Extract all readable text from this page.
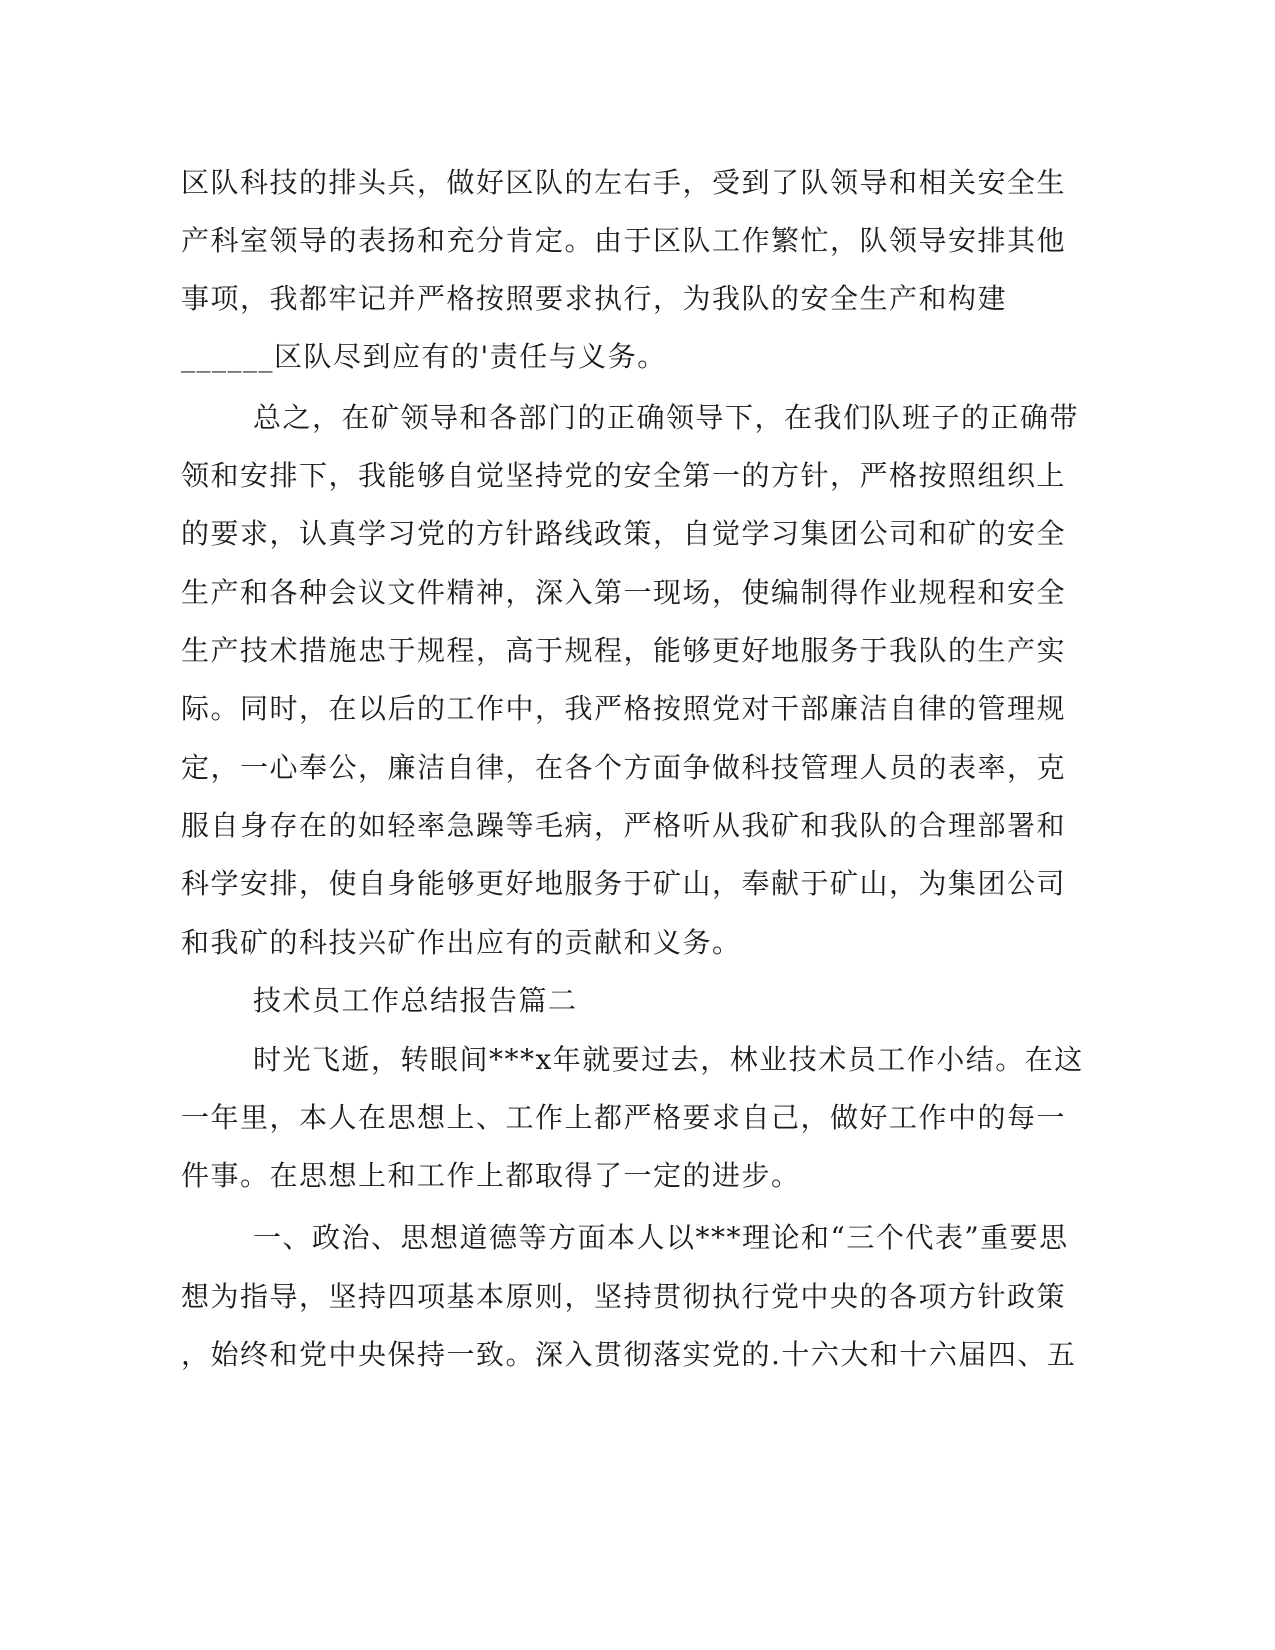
区队科技的排头兵，做好区队的左右手，受到了队领导和相关安全生
产科室领导的表扬和充分肯定。由于区队工作繁忙，队领导安排其他
事项，我都牢记并严格按照要求执行，为我队的安全生产和构建
______区队尽到应有的'责任与义务。
总之，在矿领导和各部门的正确领导下，在我们队班子的正确带
领和安排下，我能够自觉坚持党的安全第一的方针，严格按照组织上
的要求，认真学习党的方针路线政策，自觉学习集团公司和矿的安全
生产和各种会议文件精神，深入第一现场，使编制得作业规程和安全
生产技术措施忠于规程，高于规程，能够更好地服务于我队的生产实
际。同时，在以后的工作中，我严格按照党对干部廉洁自律的管理规
定，一心奉公，廉洁自律，在各个方面争做科技管理人员的表率，克
服自身存在的如轻率急躁等毛病，严格听从我矿和我队的合理部署和
科学安排，使自身能够更好地服务于矿山，奉献于矿山，为集团公司
和我矿的科技兴矿作出应有的贡献和义务。
技术员工作总结报告篇二
时光飞逝，转眼间***x年就要过去，林业技术员工作小结。在这
一年里，本人在思想上、工作上都严格要求自己，做好工作中的每一
件事。在思想上和工作上都取得了一定的进步。
一、政治、思想道德等方面本人以***理论和“三个代表”重要思
想为指导，坚持四项基本原则，坚持贯彻执行党中央的各项方针政策
，始终和党中央保持一致。深入贯彻落实党的.十六大和十六届四、五
